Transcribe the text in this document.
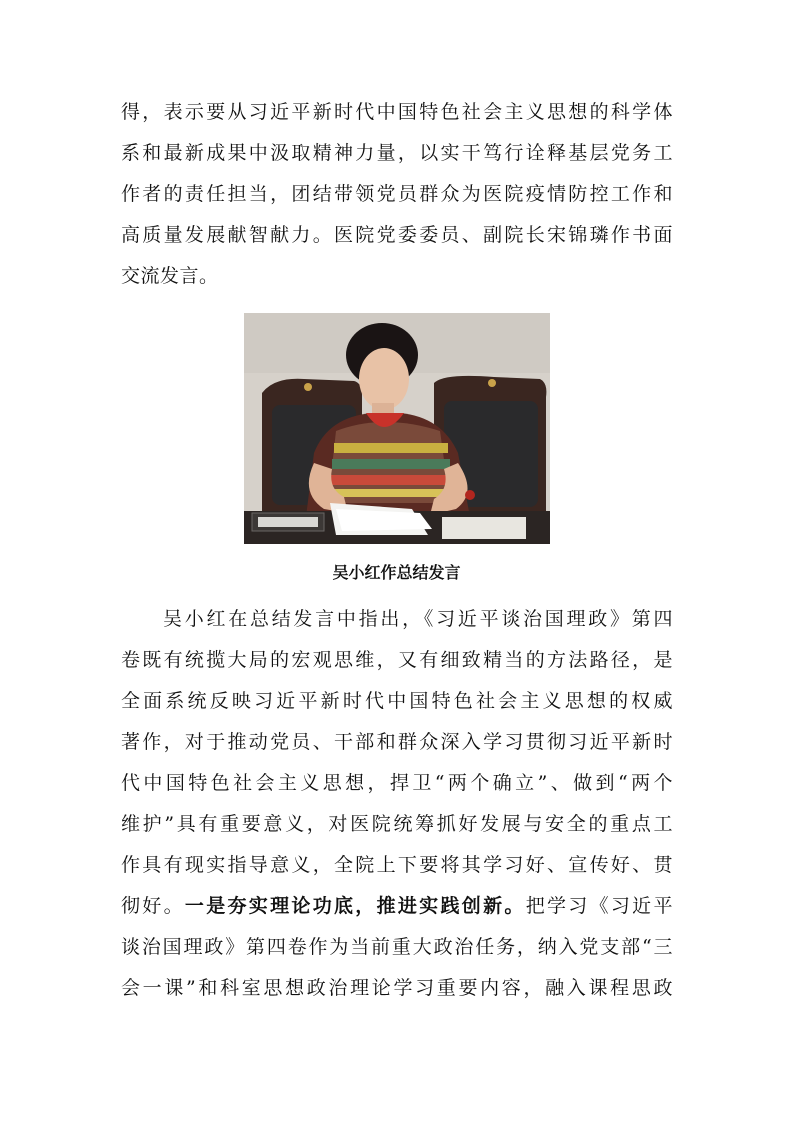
得，表示要从习近平新时代中国特色社会主义思想的科学体
系和最新成果中汲取精神力量，以实干笃行诠释基层党务工
作者的责任担当，团结带领党员群众为医院疫情防控工作和
高质量发展献智献力。医院党委委员、副院长宋锦璘作书面
交流发言。
吴小红作总结发言
吴小红在总结发言中指出，《习近平谈治国理政》第四
卷既有统揽大局的宏观思维，又有细致精当的方法路径，是
全面系统反映习近平新时代中国特色社会主义思想的权威
著作，对于推动党员、干部和群众深入学习贯彻习近平新时
代中国特色社会主义思想，捍卫“两个确立”、做到“两个
维护”具有重要意义，对医院统筹抓好发展与安全的重点工
作具有现实指导意义，全院上下要将其学习好、宣传好、贯
彻好。一是夯实理论功底，推进实践创新。把学习《习近平
谈治国理政》第四卷作为当前重大政治任务，纳入党支部“三
会一课”和科室思想政治理论学习重要内容，融入课程思政
